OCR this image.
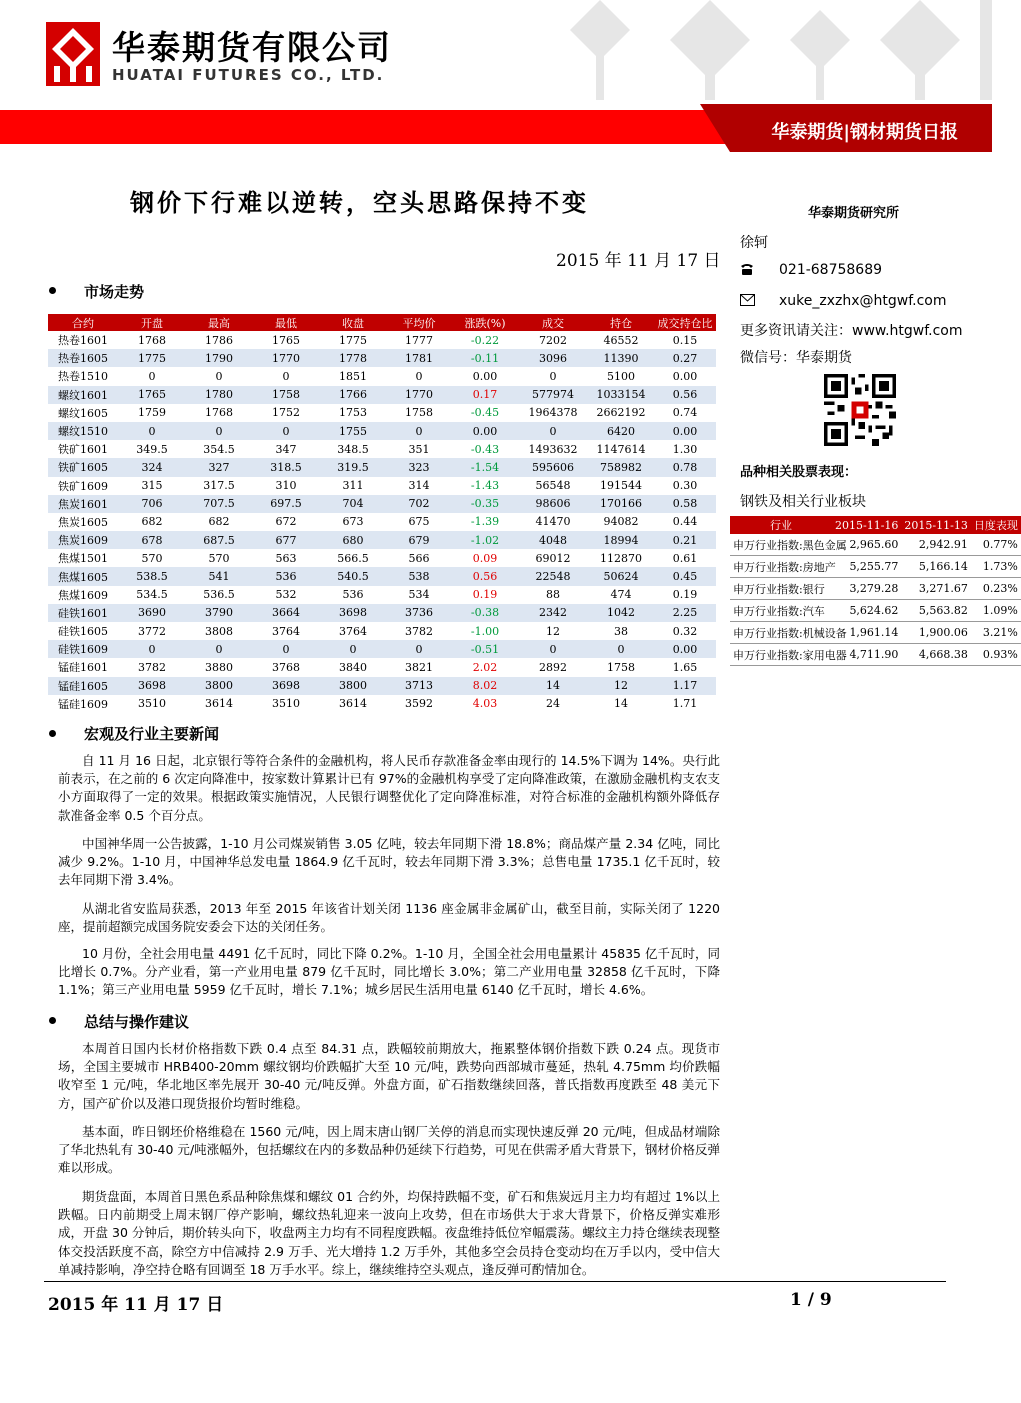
华泰期货有限公司
HUATAI FUTURES CO., LTD.
华泰期货|钢材期货日报
钢价下行难以逆转，空头思路保持不变
2015 年 11 月 17 日
华泰期货研究所
徐轲
021-68758689
xuke_zxzhx@htgwf.com
更多资讯请关注：www.htgwf.com
微信号：华泰期货
品种相关股票表现：
钢铁及相关行业板块
行业	2015-11-16	2015-11-13	日度表现
申万行业指数:黑色金属	2,965.60	2,942.91	0.77%
申万行业指数:房地产	5,255.77	5,166.14	1.73%
申万行业指数:银行	3,279.28	3,271.67	0.23%
申万行业指数:汽车	5,624.62	5,563.82	1.09%
申万行业指数:机械设备	1,961.14	1,900.06	3.21%
申万行业指数:家用电器	4,711.90	4,668.38	0.93%
市场走势
合约	开盘	最高	最低	收盘	平均价	涨跌(%)	成交	持仓	成交持仓比
热卷1601	1768	1786	1765	1775	1777	-0.22	7202	46552	0.15
热卷1605	1775	1790	1770	1778	1781	-0.11	3096	11390	0.27
热卷1510	0	0	0	1851	0	0.00	0	5100	0.00
螺纹1601	1765	1780	1758	1766	1770	0.17	577974	1033154	0.56
螺纹1605	1759	1768	1752	1753	1758	-0.45	1964378	2662192	0.74
螺纹1510	0	0	0	1755	0	0.00	0	6420	0.00
铁矿1601	349.5	354.5	347	348.5	351	-0.43	1493632	1147614	1.30
铁矿1605	324	327	318.5	319.5	323	-1.54	595606	758982	0.78
铁矿1609	315	317.5	310	311	314	-1.43	56548	191544	0.30
焦炭1601	706	707.5	697.5	704	702	-0.35	98606	170166	0.58
焦炭1605	682	682	672	673	675	-1.39	41470	94082	0.44
焦炭1609	678	687.5	677	680	679	-1.02	4048	18994	0.21
焦煤1501	570	570	563	566.5	566	0.09	69012	112870	0.61
焦煤1605	538.5	541	536	540.5	538	0.56	22548	50624	0.45
焦煤1609	534.5	536.5	532	536	534	0.19	88	474	0.19
硅铁1601	3690	3790	3664	3698	3736	-0.38	2342	1042	2.25
硅铁1605	3772	3808	3764	3764	3782	-1.00	12	38	0.32
硅铁1609	0	0	0	0	0	-0.51	0	0	0.00
锰硅1601	3782	3880	3768	3840	3821	2.02	2892	1758	1.65
锰硅1605	3698	3800	3698	3800	3713	8.02	14	12	1.17
锰硅1609	3510	3614	3510	3614	3592	4.03	24	14	1.71
宏观及行业主要新闻
自 11 月 16 日起，北京银行等符合条件的金融机构，将人民币存款准备金率由现行的 14.5%下调为 14%。央行此前表示，在之前的 6 次定向降准中，按家数计算累计已有 97%的金融机构享受了定向降准政策，在激励金融机构支农支小方面取得了一定的效果。根据政策实施情况，人民银行调整优化了定向降准标准，对符合标准的金融机构额外降低存款准备金率 0.5 个百分点。
中国神华周一公告披露，1-10 月公司煤炭销售 3.05 亿吨，较去年同期下滑 18.8%；商品煤产量 2.34 亿吨，同比减少 9.2%。1-10 月，中国神华总发电量 1864.9 亿千瓦时，较去年同期下滑 3.3%；总售电量 1735.1 亿千瓦时，较去年同期下滑 3.4%。
从湖北省安监局获悉，2013 年至 2015 年该省计划关闭 1136 座金属非金属矿山，截至目前，实际关闭了 1220 座，提前超额完成国务院安委会下达的关闭任务。
10 月份，全社会用电量 4491 亿千瓦时，同比下降 0.2%。1-10 月，全国全社会用电量累计 45835 亿千瓦时，同比增长 0.7%。分产业看，第一产业用电量 879 亿千瓦时，同比增长 3.0%；第二产业用电量 32858 亿千瓦时，下降 1.1%；第三产业用电量 5959 亿千瓦时，增长 7.1%；城乡居民生活用电量 6140 亿千瓦时，增长 4.6%。
总结与操作建议
本周首日国内长材价格指数下跌 0.4 点至 84.31 点，跌幅较前期放大，拖累整体钢价指数下跌 0.24 点。现货市场，全国主要城市 HRB400-20mm 螺纹钢均价跌幅扩大至 10 元/吨，跌势向西部城市蔓延，热轧 4.75mm 均价跌幅收窄至 1 元/吨，华北地区率先展开 30-40 元/吨反弹。外盘方面，矿石指数继续回落，普氏指数再度跌至 48 美元下方，国产矿价以及港口现货报价均暂时维稳。
基本面，昨日钢坯价格维稳在 1560 元/吨，因上周末唐山钢厂关停的消息而实现快速反弹 20 元/吨，但成品材端除了华北热轧有 30-40 元/吨涨幅外，包括螺纹在内的多数品种仍延续下行趋势，可见在供需矛盾大背景下，钢材价格反弹难以形成。
期货盘面，本周首日黑色系品种除焦煤和螺纹 01 合约外，均保持跌幅不变，矿石和焦炭远月主力均有超过 1%以上跌幅。日内前期受上周末钢厂停产影响，螺纹热轧迎来一波向上攻势，但在市场供大于求大背景下，价格反弹实难形成，开盘 30 分钟后，期价转头向下，收盘两主力均有不同程度跌幅。夜盘维持低位窄幅震荡。螺纹主力持仓继续表现整体交投活跃度不高，除空方中信减持 2.9 万手、光大增持 1.2 万手外，其他多空会员持仓变动均在万手以内，受中信大单减持影响，净空持仓略有回调至 18 万手水平。综上，继续维持空头观点，逢反弹可酌情加仓。
2015 年 11 月 17 日	1 / 9
